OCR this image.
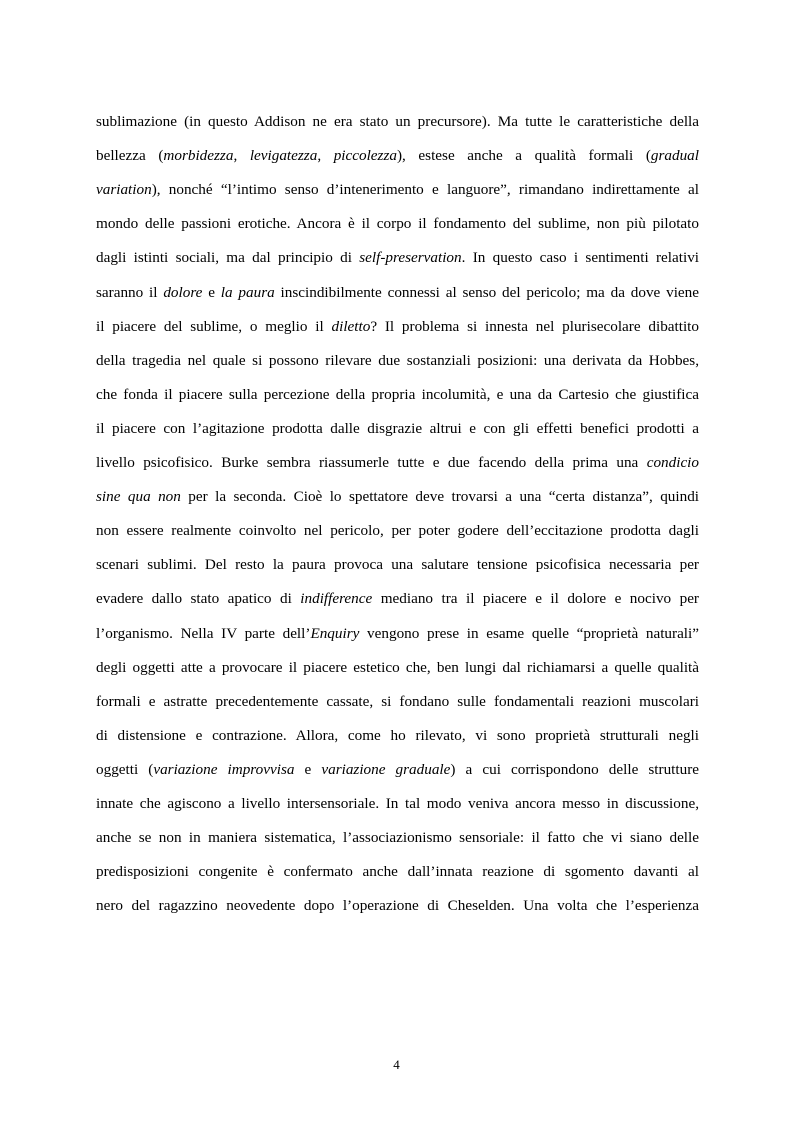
sublimazione (in questo Addison ne era stato un precursore). Ma tutte le caratteristiche della
bellezza (morbidezza, levigatezza, piccolezza), estese anche a qualità formali (gradual
variation), nonché “l’intimo senso d’intenerimento e languore”, rimandano indirettamente al
mondo delle passioni erotiche. Ancora è il corpo il fondamento del sublime, non più pilotato
dagli istinti sociali, ma dal principio di self-preservation. In questo caso i sentimenti relativi
saranno il dolore e la paura inscindibilmente connessi al senso del pericolo; ma da dove viene
il piacere del sublime, o meglio il diletto? Il problema si innesta nel plurisecolare dibattito
della tragedia nel quale si possono rilevare due sostanziali posizioni: una derivata da Hobbes,
che fonda il piacere sulla percezione della propria incolumità, e una da Cartesio che giustifica
il piacere con l’agitazione prodotta dalle disgrazie altrui e con gli effetti benefici prodotti a
livello psicofisico. Burke sembra riassumerle tutte e due facendo della prima una condicio
sine qua non per la seconda. Cioè lo spettatore deve trovarsi a una “certa distanza”, quindi
non essere realmente coinvolto nel pericolo, per poter godere dell’eccitazione prodotta dagli
scenari sublimi. Del resto la paura provoca una salutare tensione psicofisica necessaria per
evadere dallo stato apatico di indifference mediano tra il piacere e il dolore e nocivo per
l’organismo. Nella IV parte dell’Enquiry vengono prese in esame quelle “proprietà naturali”
degli oggetti atte a provocare il piacere estetico che, ben lungi dal richiamarsi a quelle qualità
formali e astratte precedentemente cassate, si fondano sulle fondamentali reazioni muscolari
di distensione e contrazione. Allora, come ho rilevato, vi sono proprietà strutturali negli
oggetti (variazione improvvisa e variazione graduale) a cui corrispondono delle strutture
innate che agiscono a livello intersensoriale. In tal modo veniva ancora messo in discussione,
anche se non in maniera sistematica, l’associazionismo sensoriale: il fatto che vi siano delle
predisposizioni congenite è confermato anche dall’innata reazione di sgomento davanti al
nero del ragazzino neovedente dopo l’operazione di Cheselden. Una volta che l’esperienza
4
